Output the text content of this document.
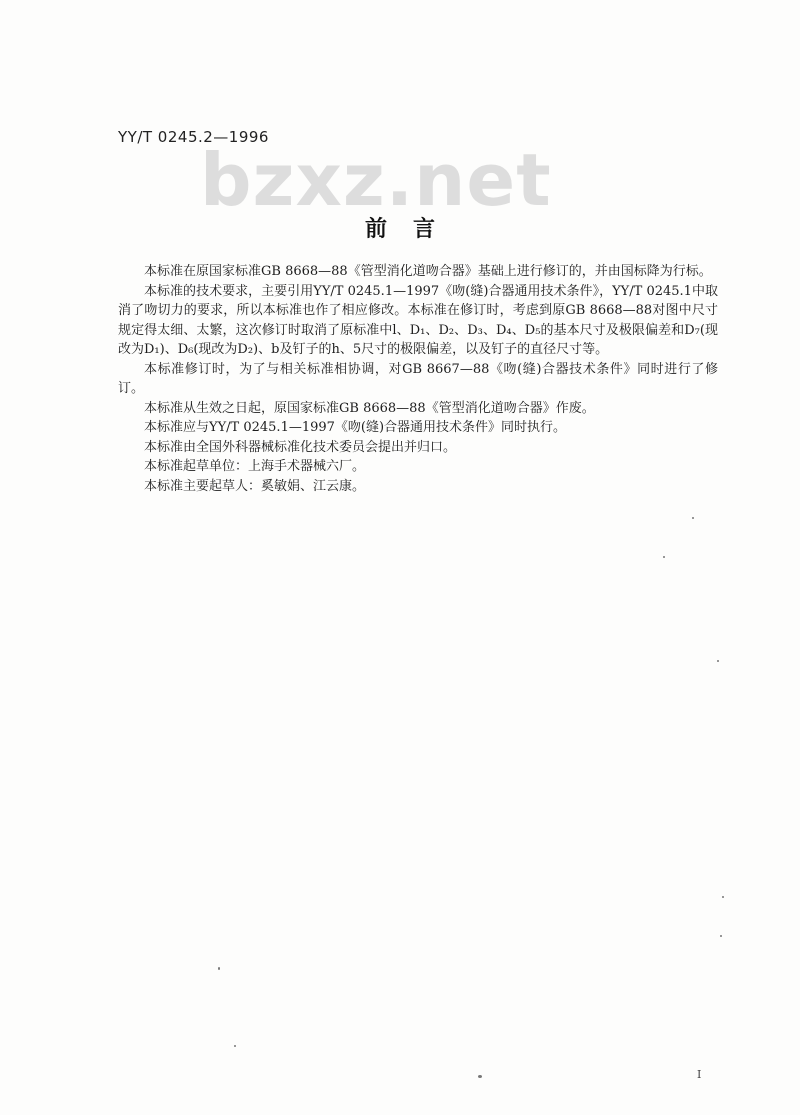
YY/T 0245.2—1996
bzxz.net
前言

本标准在原国家标准GB 8668—88《管型消化道吻合器》基础上进行修订的，并由国标降为行标。

本标准的技术要求，主要引用YY/T 0245.1—1997《吻(缝)合器通用技术条件》，YY/T 0245.1中取消了吻切力的要求，所以本标准也作了相应修改。本标准在修订时，考虑到原GB 8668—88对图中尺寸规定得太细、太繁，这次修订时取消了原标准中l、D₁、D₂、D₃、D₄、D₅的基本尺寸及极限偏差和D₇(现改为D₁)、D₆(现改为D₂)、b及钉子的h、5尺寸的极限偏差，以及钉子的直径尺寸等。

本标准修订时，为了与相关标准相协调，对GB 8667—88《吻(缝)合器技术条件》同时进行了修订。

本标准从生效之日起，原国家标准GB 8668—88《管型消化道吻合器》作废。

本标准应与YY/T 0245.1—1997《吻(缝)合器通用技术条件》同时执行。

本标准由全国外科器械标准化技术委员会提出并归口。

本标准起草单位：上海手术器械六厂。

本标准主要起草人：奚敏娟、江云康。

I
